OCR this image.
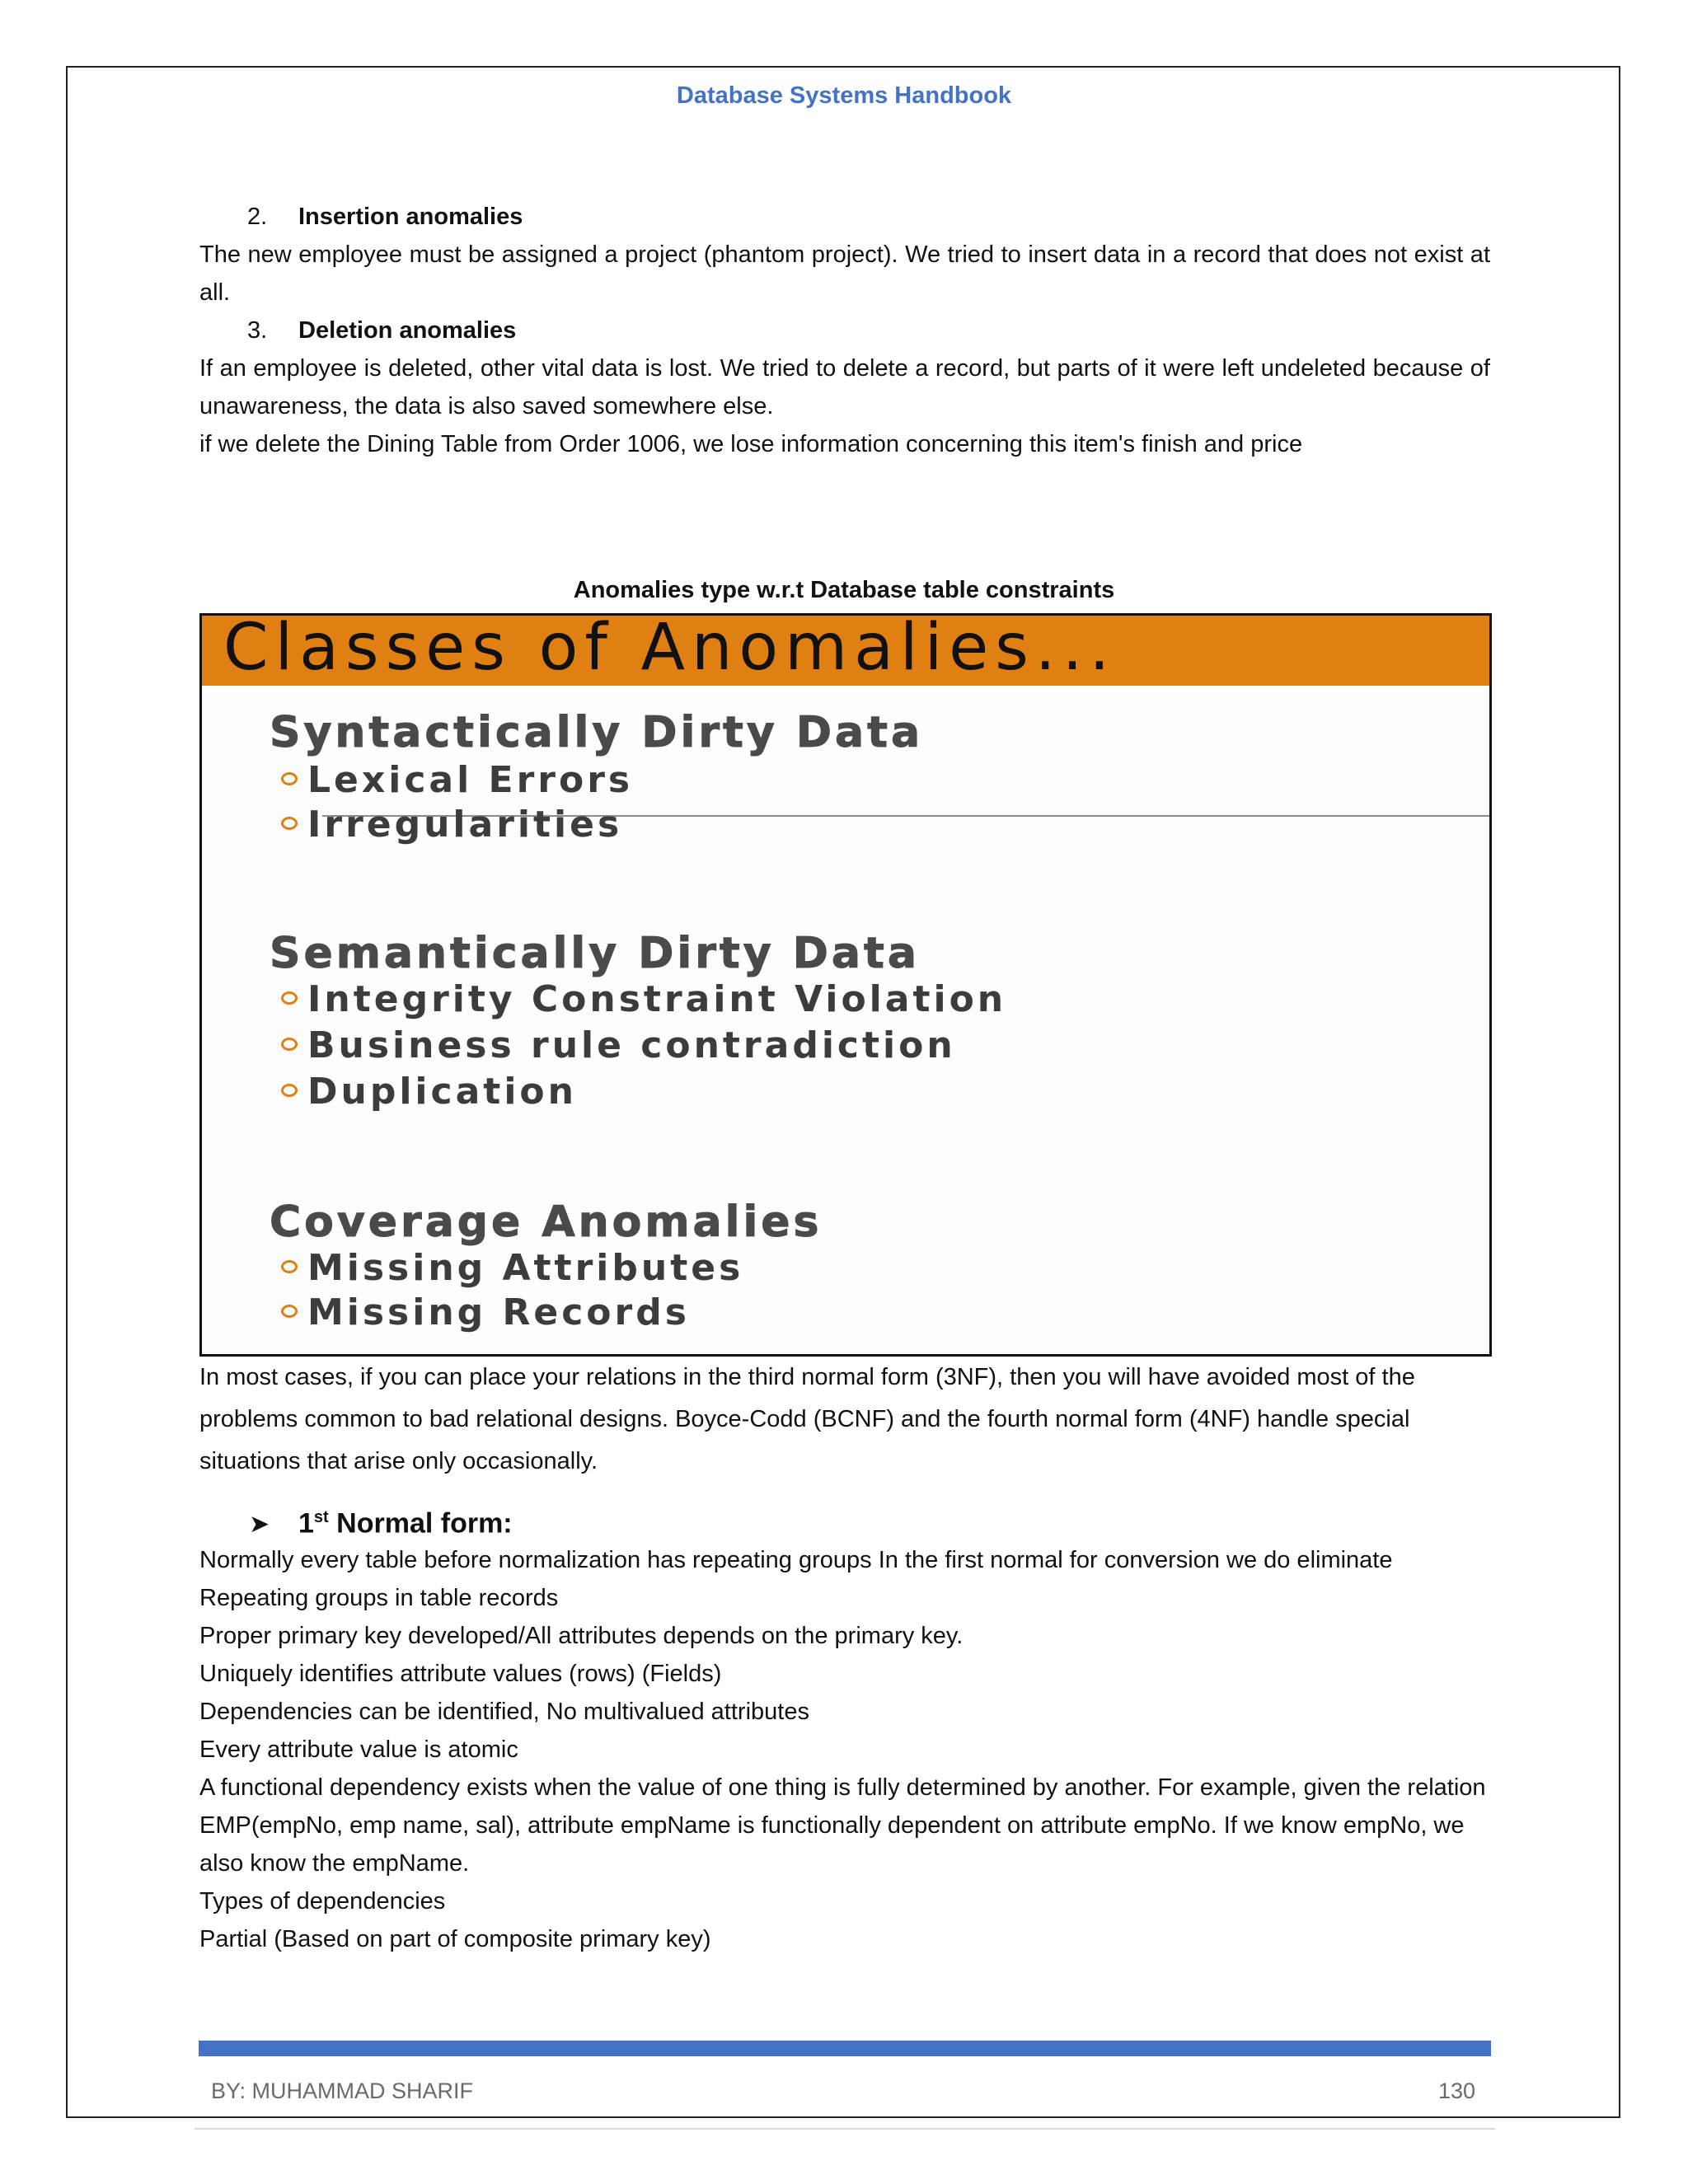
Database Systems Handbook
2. Insertion anomalies
The new employee must be assigned a project (phantom project). We tried to insert data in a record that does not exist at all.
3. Deletion anomalies
If an employee is deleted, other vital data is lost. We tried to delete a record, but parts of it were left undeleted because of unawareness, the data is also saved somewhere else.
if we delete the Dining Table from Order 1006, we lose information concerning this item's finish and price
Anomalies type w.r.t Database table constraints
Classes of Anomalies...
Syntactically Dirty Data
Lexical Errors
Irregularities
Semantically Dirty Data
Integrity Constraint Violation
Business rule contradiction
Duplication
Coverage Anomalies
Missing Attributes
Missing Records
In most cases, if you can place your relations in the third normal form (3NF), then you will have avoided most of the problems common to bad relational designs. Boyce-Codd (BCNF) and the fourth normal form (4NF) handle special situations that arise only occasionally.
➤ 1st Normal form:
Normally every table before normalization has repeating groups In the first normal for conversion we do eliminate
Repeating groups in table records
Proper primary key developed/All attributes depends on the primary key.
Uniquely identifies attribute values (rows) (Fields)
Dependencies can be identified, No multivalued attributes
Every attribute value is atomic
A functional dependency exists when the value of one thing is fully determined by another. For example, given the relation EMP(empNo, emp name, sal), attribute empName is functionally dependent on attribute empNo. If we know empNo, we also know the empName.
Types of dependencies
Partial (Based on part of composite primary key)
BY: MUHAMMAD SHARIF	130
